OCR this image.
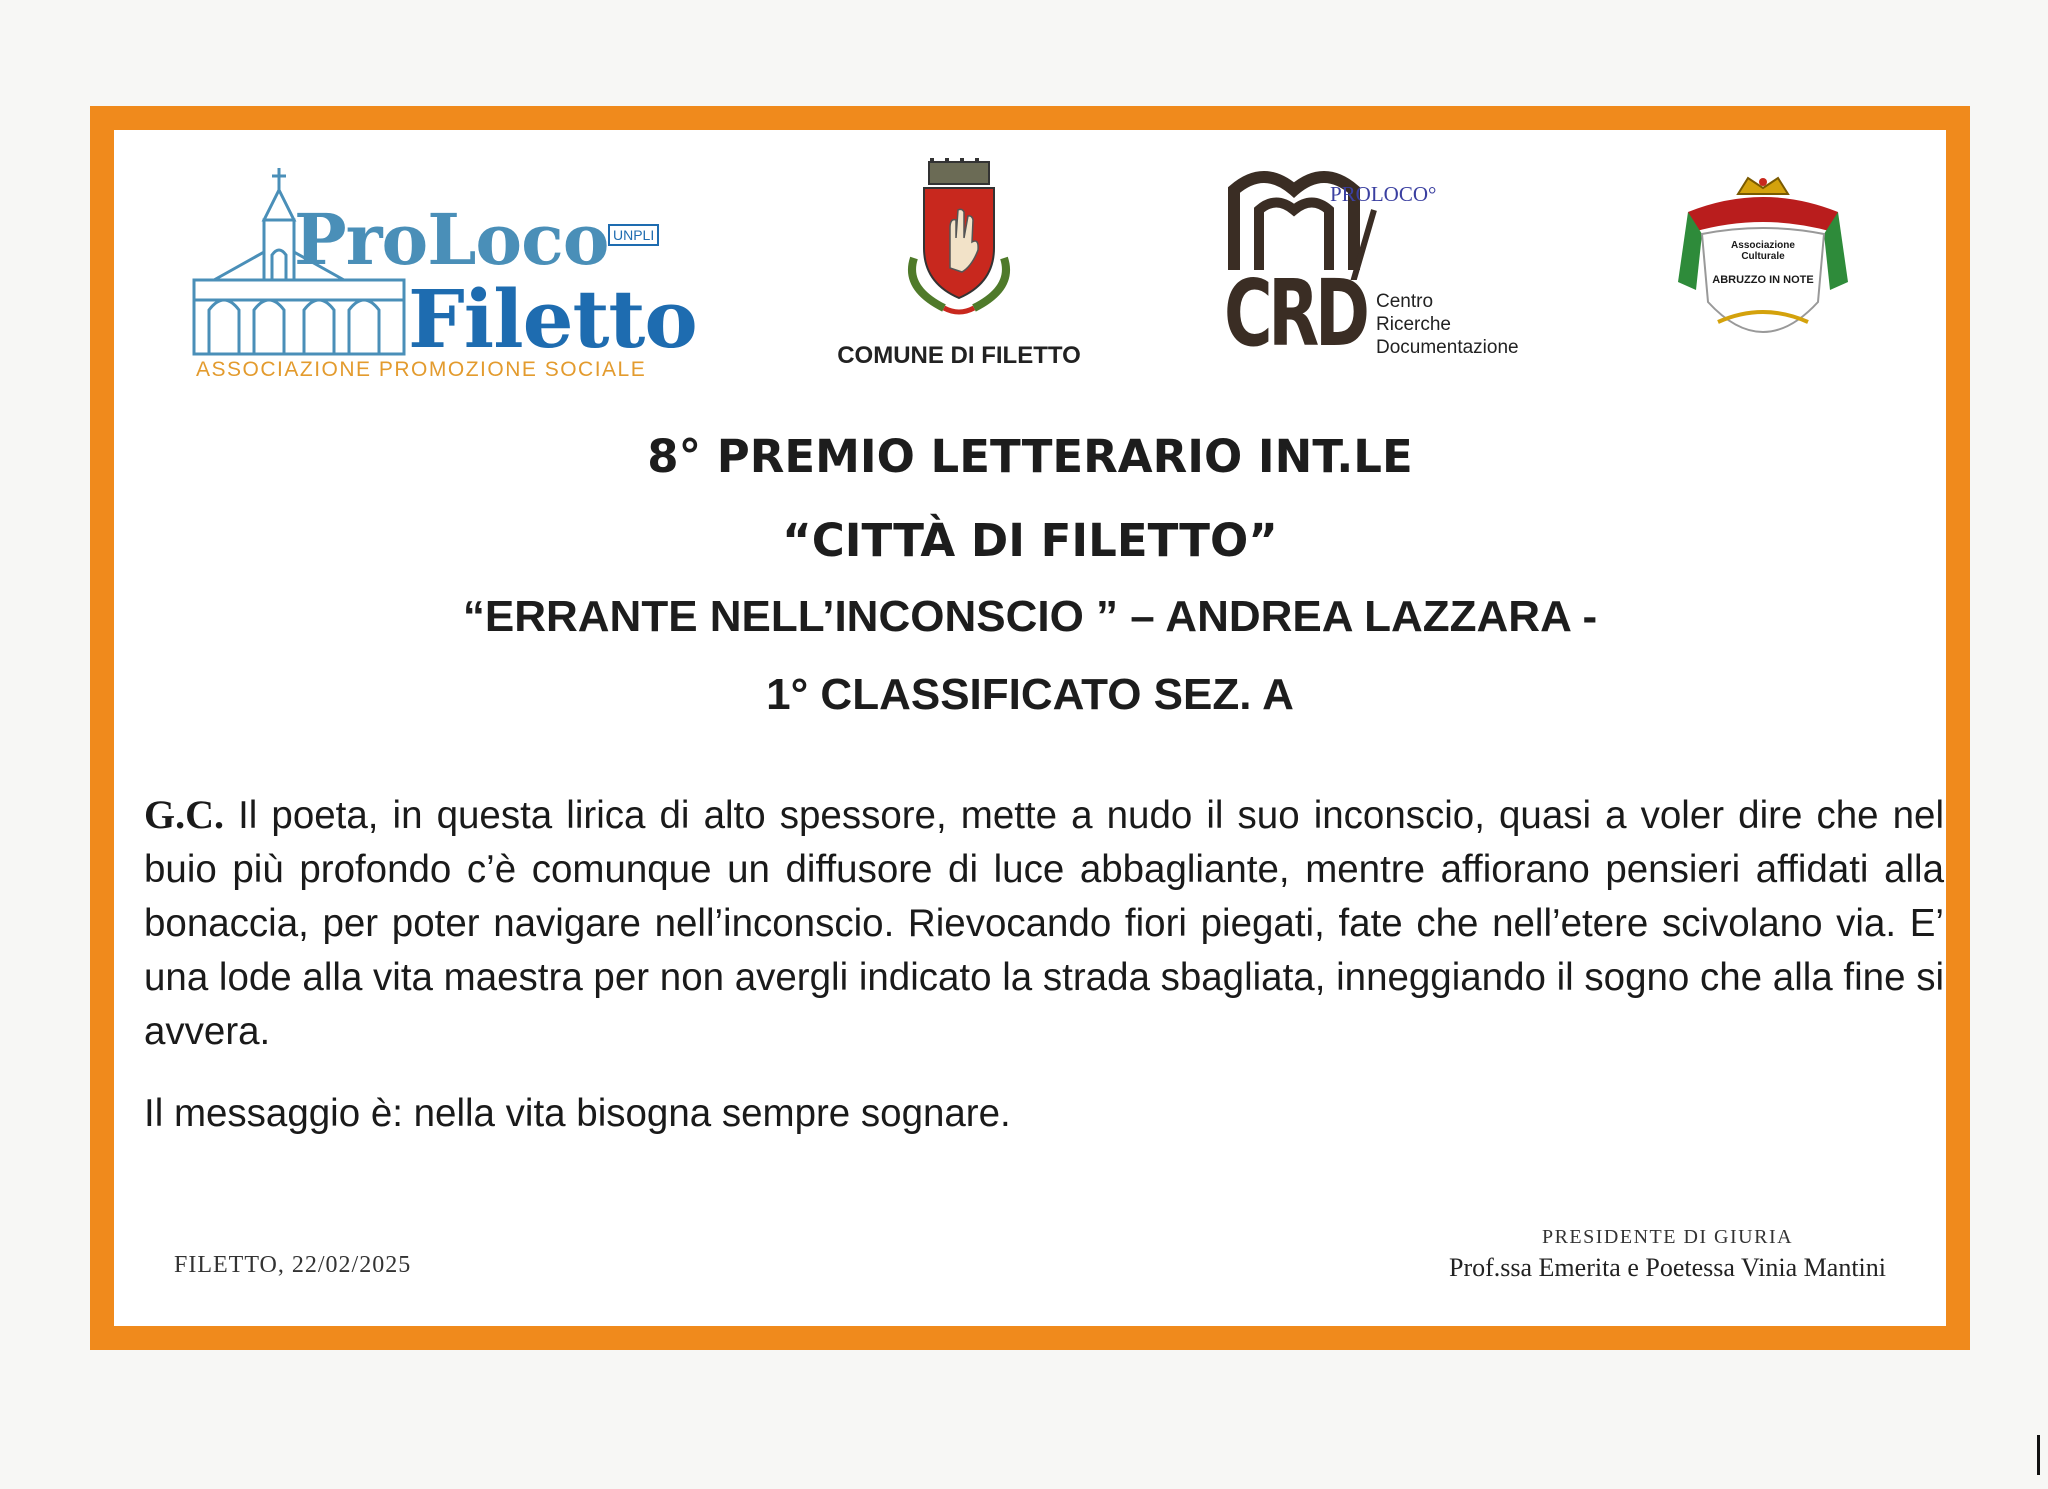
ProLoco UNPLI
Filetto
ASSOCIAZIONE PROMOZIONE SOCIALE
COMUNE DI FILETTO
PROLOCO°
CRD Centro
Ricerche
Documentazione
Associazione Culturale
ABRUZZO IN NOTE
8° PREMIO LETTERARIO INT.LE
“CITTÀ DI FILETTO”
“ERRANTE NELL’INCONSCIO ” – ANDREA LAZZARA -
1° CLASSIFICATO SEZ. A
G.C. Il poeta, in questa lirica di alto spessore, mette a nudo il suo inconscio, quasi a voler dire che nel buio più profondo c’è comunque un diffusore di luce abbagliante, mentre affiorano pensieri affidati alla bonaccia, per poter navigare nell’inconscio. Rievocando fiori piegati, fate che nell’etere scivolano via. E’ una lode alla vita maestra per non avergli indicato la strada sbagliata, inneggiando il sogno che alla fine si avvera.
Il messaggio è: nella vita bisogna sempre sognare.
FILETTO, 22/02/2025
PRESIDENTE DI GIURIA
Prof.ssa Emerita e Poetessa Vinia Mantini
